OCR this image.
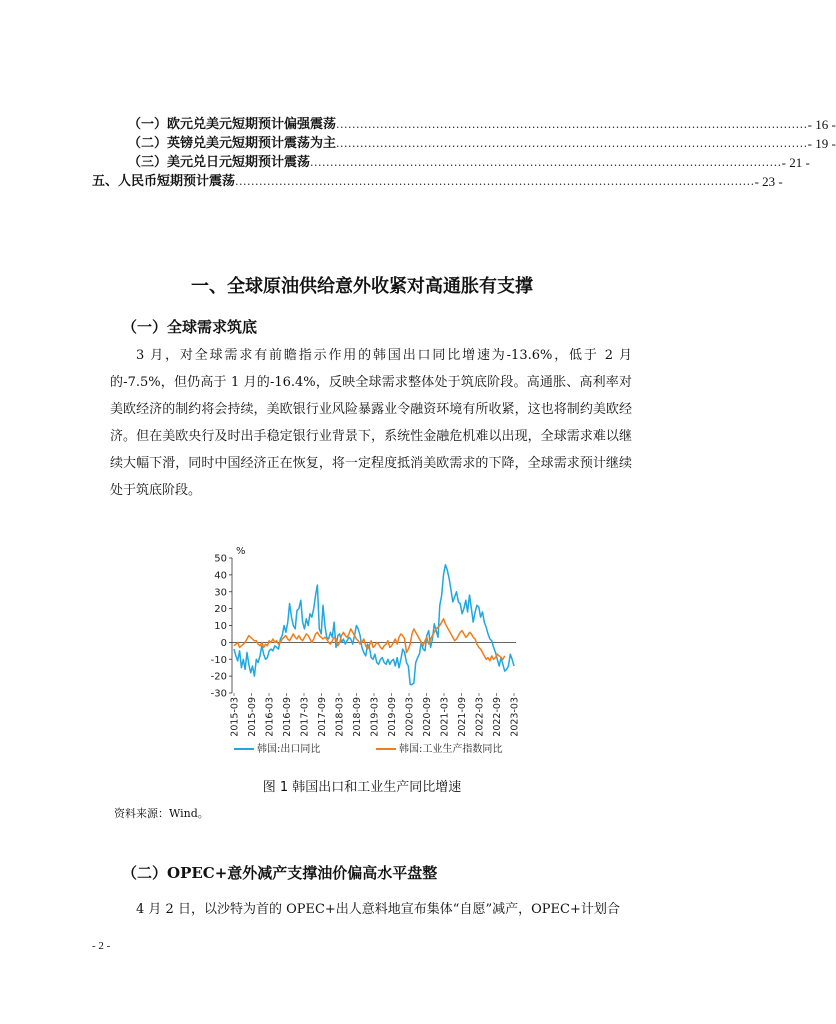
（一）欧元兑美元短期预计偏强震荡 ...................................................................................................................... - 16 -
（二）英镑兑美元短期预计震荡为主 ...................................................................................................................... - 19 -
（三）美元兑日元短期预计震荡 ...................................................................................................................... - 21 -
五、人民币短期预计震荡 .................................................................................................................................. - 23 -
一、全球原油供给意外收紧对高通胀有支撑
（一）全球需求筑底
3 月，对全球需求有前瞻指示作用的韩国出口同比增速为-13.6%，低于 2 月的-7.5%，但仍高于 1 月的-16.4%，反映全球需求整体处于筑底阶段。高通胀、高利率对美欧经济的制约将会持续，美欧银行业风险暴露业令融资环境有所收紧，这也将制约美欧经济。但在美欧央行及时出手稳定银行业背景下，系统性金融危机难以出现，全球需求难以继续大幅下滑，同时中国经济正在恢复，将一定程度抵消美欧需求的下降，全球需求预计继续处于筑底阶段。
50
40
30
20
10
0
-10
-20
-30
2015-03 2015-09 2016-03 2016-09 2017-03 2017-09 2018-03 2018-09 2019-03 2019-09 2020-03 2020-09 2021-03 2021-09 2022-03 2022-09 2023-03
韩国:出口同比	韩国:工业生产指数同比
%
图 1 韩国出口和工业生产同比增速
资料来源：Wind。
（二）OPEC+意外减产支撑油价偏高水平盘整
4 月 2 日，以沙特为首的 OPEC+出人意料地宣布集体“自愿”减产，OPEC+计划合
- 2 -
